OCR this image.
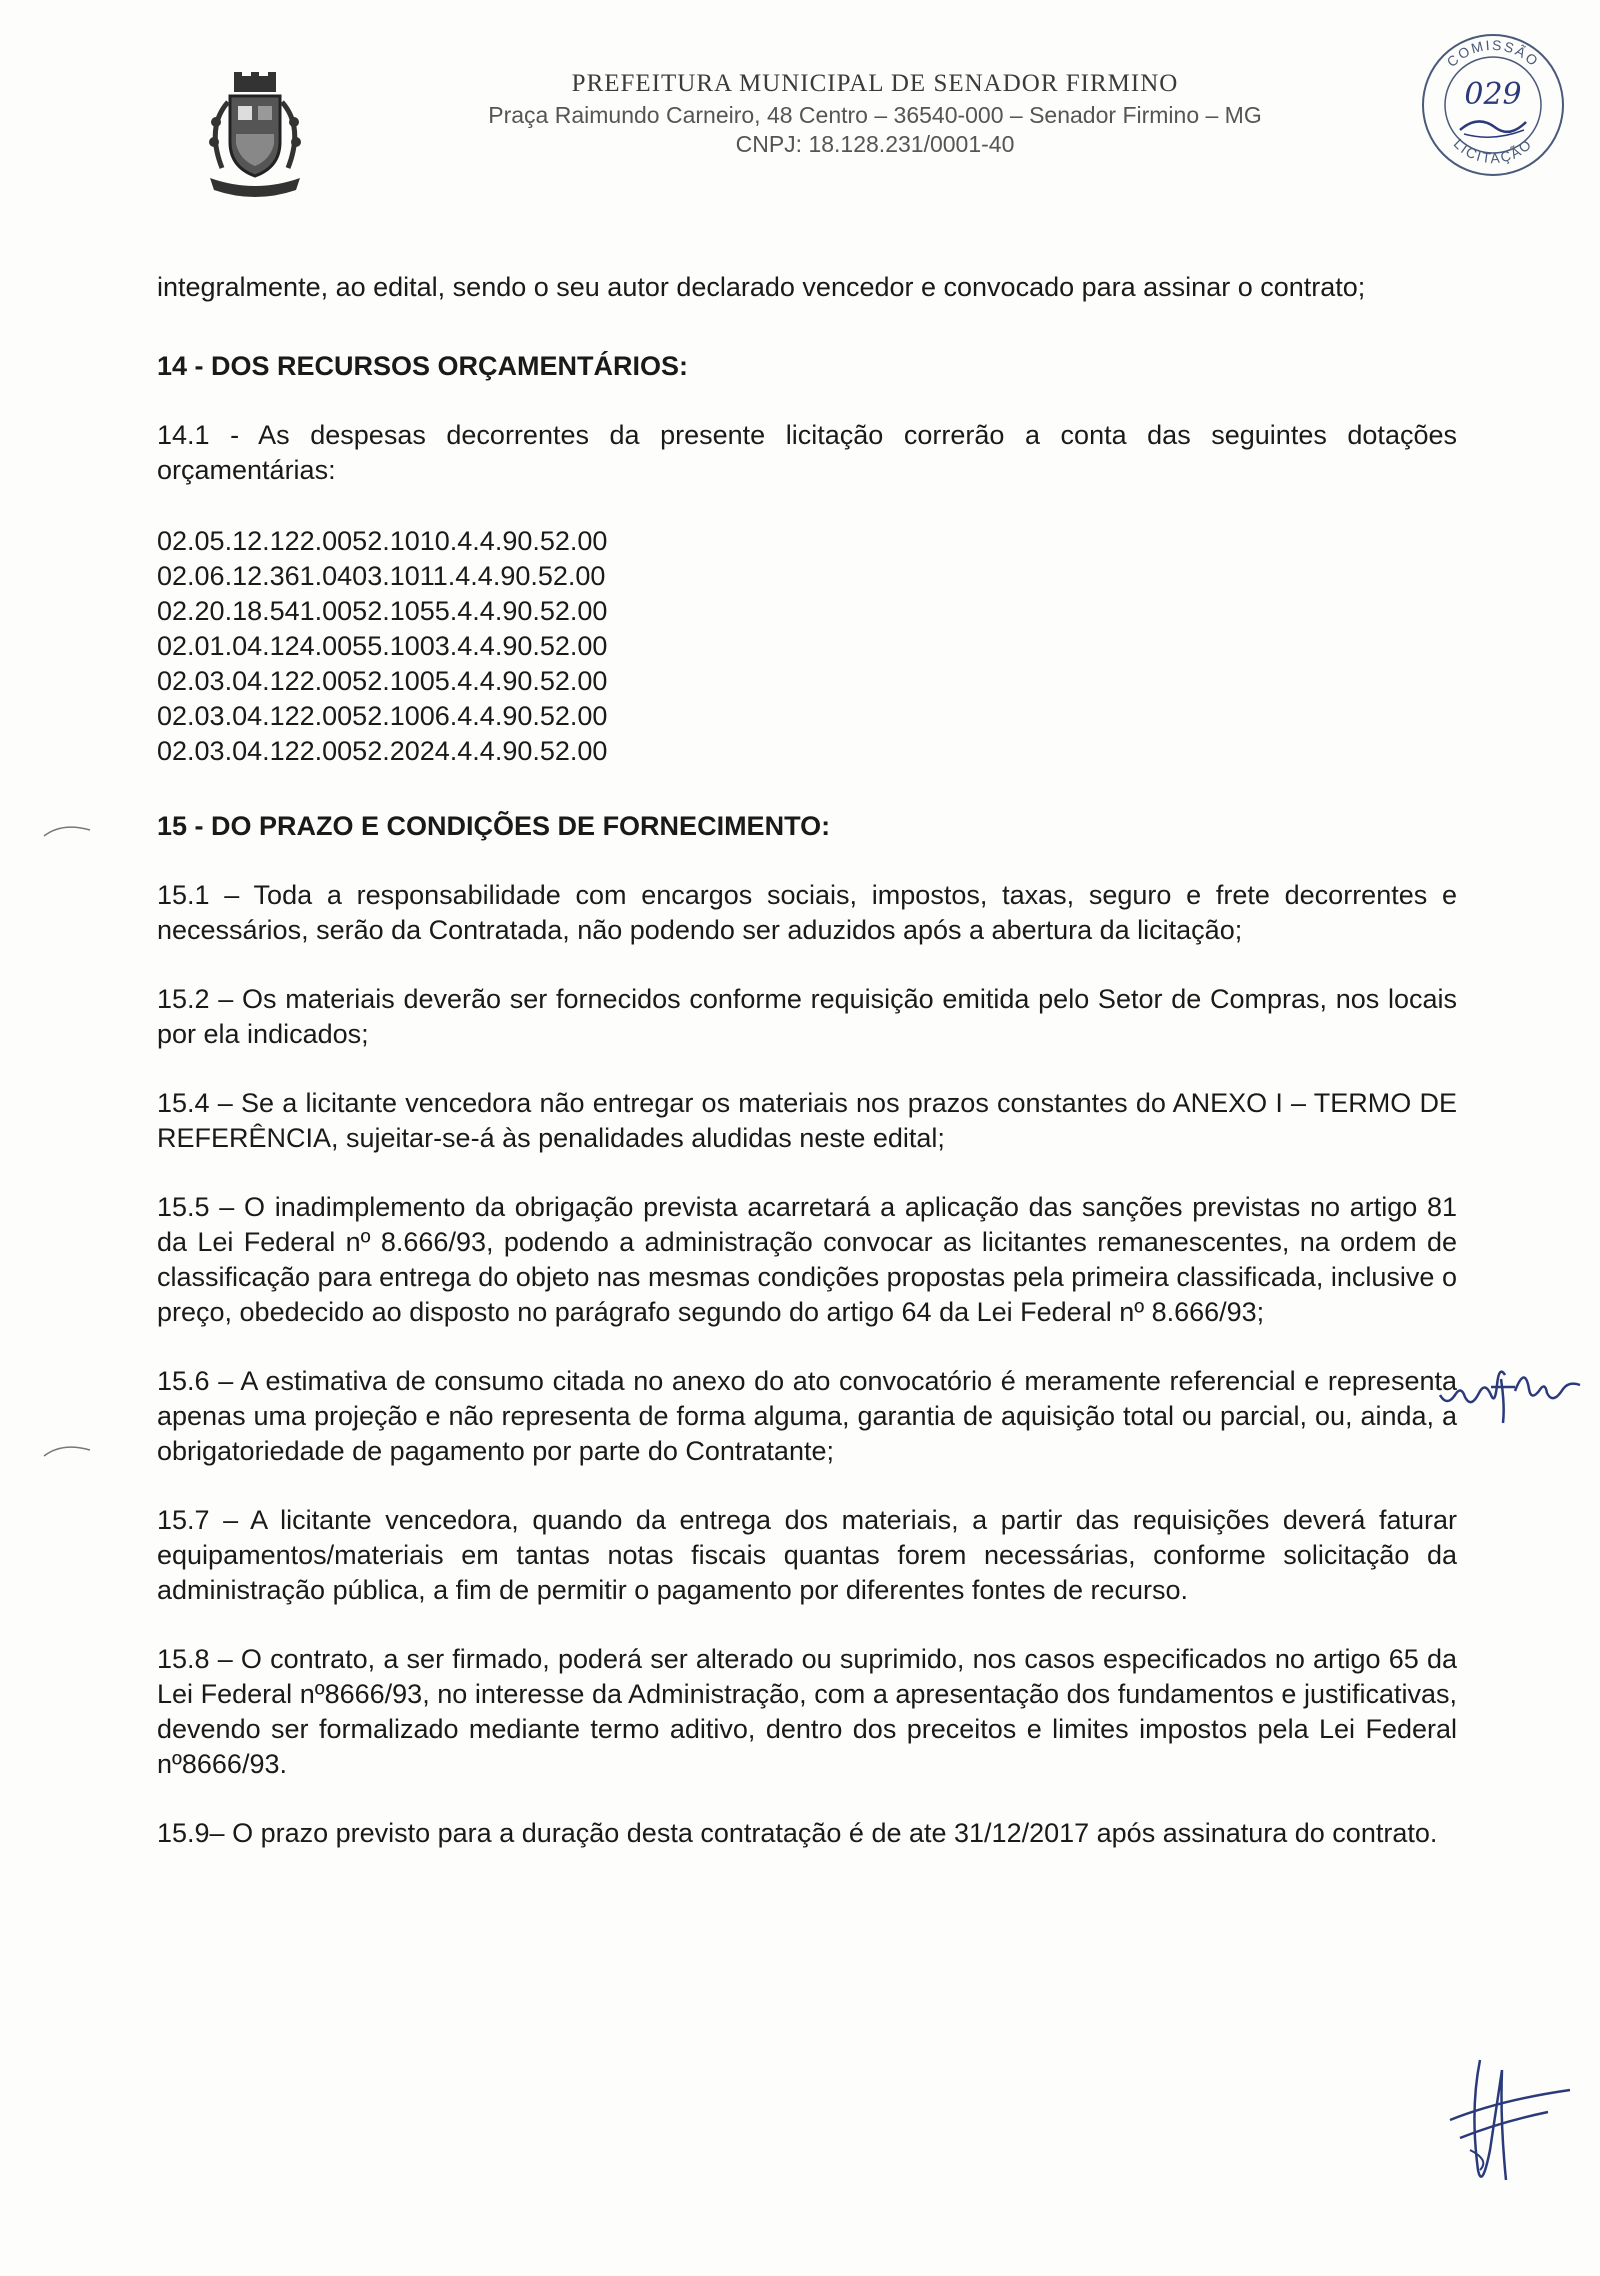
PREFEITURA MUNICIPAL DE SENADOR FIRMINO
Praça Raimundo Carneiro, 48 Centro – 36540-000 – Senador Firmino – MG
CNPJ: 18.128.231/0001-40
COMISSÃO
LICITAÇÃO
029

integralmente, ao edital, sendo o seu autor declarado vencedor e convocado para assinar o contrato;

14 - DOS RECURSOS ORÇAMENTÁRIOS:

14.1 - As despesas decorrentes da presente licitação correrão a conta das seguintes dotações orçamentárias:

02.05.12.122.0052.1010.4.4.90.52.00
02.06.12.361.0403.1011.4.4.90.52.00
02.20.18.541.0052.1055.4.4.90.52.00
02.01.04.124.0055.1003.4.4.90.52.00
02.03.04.122.0052.1005.4.4.90.52.00
02.03.04.122.0052.1006.4.4.90.52.00
02.03.04.122.0052.2024.4.4.90.52.00

15 - DO PRAZO E CONDIÇÕES DE FORNECIMENTO:

15.1 – Toda a responsabilidade com encargos sociais, impostos, taxas, seguro e frete decorrentes e necessários, serão da Contratada, não podendo ser aduzidos após a abertura da licitação;

15.2 – Os materiais deverão ser fornecidos conforme requisição emitida pelo Setor de Compras, nos locais por ela indicados;

15.4 – Se a licitante vencedora não entregar os materiais nos prazos constantes do ANEXO I – TERMO DE REFERÊNCIA, sujeitar-se-á às penalidades aludidas neste edital;

15.5 – O inadimplemento da obrigação prevista acarretará a aplicação das sanções previstas no artigo 81 da Lei Federal nº 8.666/93, podendo a administração convocar as licitantes remanescentes, na ordem de classificação para entrega do objeto nas mesmas condições propostas pela primeira classificada, inclusive o preço, obedecido ao disposto no parágrafo segundo do artigo 64 da Lei Federal nº 8.666/93;

15.6 – A estimativa de consumo citada no anexo do ato convocatório é meramente referencial e representa apenas uma projeção e não representa de forma alguma, garantia de aquisição total ou parcial, ou, ainda, a obrigatoriedade de pagamento por parte do Contratante;

15.7 – A licitante vencedora, quando da entrega dos materiais, a partir das requisições deverá faturar equipamentos/materiais em tantas notas fiscais quantas forem necessárias, conforme solicitação da administração pública, a fim de permitir o pagamento por diferentes fontes de recurso.

15.8 – O contrato, a ser firmado, poderá ser alterado ou suprimido, nos casos especificados no artigo 65 da Lei Federal nº8666/93, no interesse da Administração, com a apresentação dos fundamentos e justificativas, devendo ser formalizado mediante termo aditivo, dentro dos preceitos e limites impostos pela Lei Federal nº8666/93.

15.9– O prazo previsto para a duração desta contratação é de ate 31/12/2017 após assinatura do contrato.
